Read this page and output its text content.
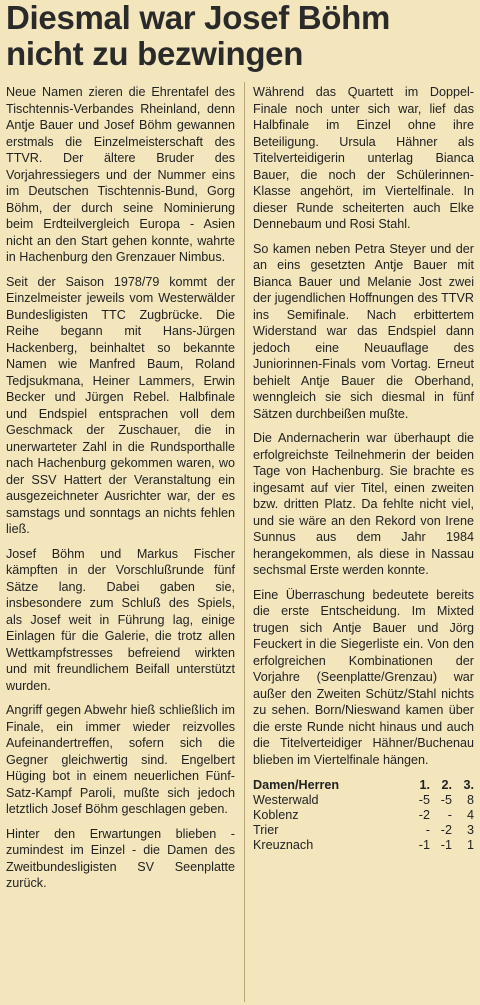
Diesmal war Josef Böhm nicht zu bezwingen

Neue Namen zieren die Ehrentafel des Tischtennis-Verbandes Rheinland, denn Antje Bauer und Josef Böhm gewannen erstmals die Einzelmeisterschaft des TTVR. Der ältere Bruder des Vorjahressiegers und der Nummer eins im Deutschen Tischtennis-Bund, Gorg Böhm, der durch seine Nominierung beim Erdteilvergleich Europa - Asien nicht an den Start gehen konnte, wahrte in Hachenburg den Grenzauer Nimbus.

Seit der Saison 1978/79 kommt der Einzelmeister jeweils vom Westerwälder Bundesligisten TTC Zugbrücke. Die Reihe begann mit Hans-Jürgen Hackenberg, beinhaltet so bekannte Namen wie Manfred Baum, Roland Tedjsukmana, Heiner Lammers, Erwin Becker und Jürgen Rebel. Halbfinale und Endspiel entsprachen voll dem Geschmack der Zuschauer, die in unerwarteter Zahl in die Rundsporthalle nach Hachenburg gekommen waren, wo der SSV Hattert der Veranstaltung ein ausgezeichneter Ausrichter war, der es samstags und sonntags an nichts fehlen ließ.

Josef Böhm und Markus Fischer kämpften in der Vorschlußrunde fünf Sätze lang. Dabei gaben sie, insbesondere zum Schluß des Spiels, als Josef weit in Führung lag, einige Einlagen für die Galerie, die trotz allen Wettkampfstresses befreiend wirkten und mit freundlichem Beifall unterstützt wurden.

Angriff gegen Abwehr hieß schließlich im Finale, ein immer wieder reizvolles Aufeinandertreffen, sofern sich die Gegner gleichwertig sind. Engelbert Hüging bot in einem neuerlichen Fünf-Satz-Kampf Paroli, mußte sich jedoch letztlich Josef Böhm geschlagen geben.

Hinter den Erwartungen blieben - zumindest im Einzel - die Damen des Zweitbundesligisten SV Seenplatte zurück.

Während das Quartett im Doppel-Finale noch unter sich war, lief das Halbfinale im Einzel ohne ihre Beteiligung. Ursula Hähner als Titelverteidigerin unterlag Bianca Bauer, die noch der Schülerinnen-Klasse angehört, im Viertelfinale. In dieser Runde scheiterten auch Elke Dennebaum und Rosi Stahl.

So kamen neben Petra Steyer und der an eins gesetzten Antje Bauer mit Bianca Bauer und Melanie Jost zwei der jugendlichen Hoffnungen des TTVR ins Semifinale. Nach erbittertem Widerstand war das Endspiel dann jedoch eine Neuauflage des Juniorinnen-Finals vom Vortag. Erneut behielt Antje Bauer die Oberhand, wenngleich sie sich diesmal in fünf Sätzen durchbeißen mußte.

Die Andernacherin war überhaupt die erfolgreichste Teilnehmerin der beiden Tage von Hachenburg. Sie brachte es ingesamt auf vier Titel, einen zweiten bzw. dritten Platz. Da fehlte nicht viel, und sie wäre an den Rekord von Irene Sunnus aus dem Jahr 1984 herangekommen, als diese in Nassau sechsmal Erste werden konnte.

Eine Überraschung bedeutete bereits die erste Entscheidung. Im Mixted trugen sich Antje Bauer und Jörg Feuckert in die Siegerliste ein. Von den erfolgreichen Kombinationen der Vorjahre (Seenplatte/Grenzau) war außer den Zweiten Schütz/Stahl nichts zu sehen. Born/Nieswand kamen über die erste Runde nicht hinaus und auch die Titelverteidiger Hähner/Buchenau blieben im Viertelfinale hängen.

Damen/Herren	1.	2.	3.
Westerwald	-5	-5	8
Koblenz	-2	-	4
Trier	-	-2	3
Kreuznach	-1	-1	1
